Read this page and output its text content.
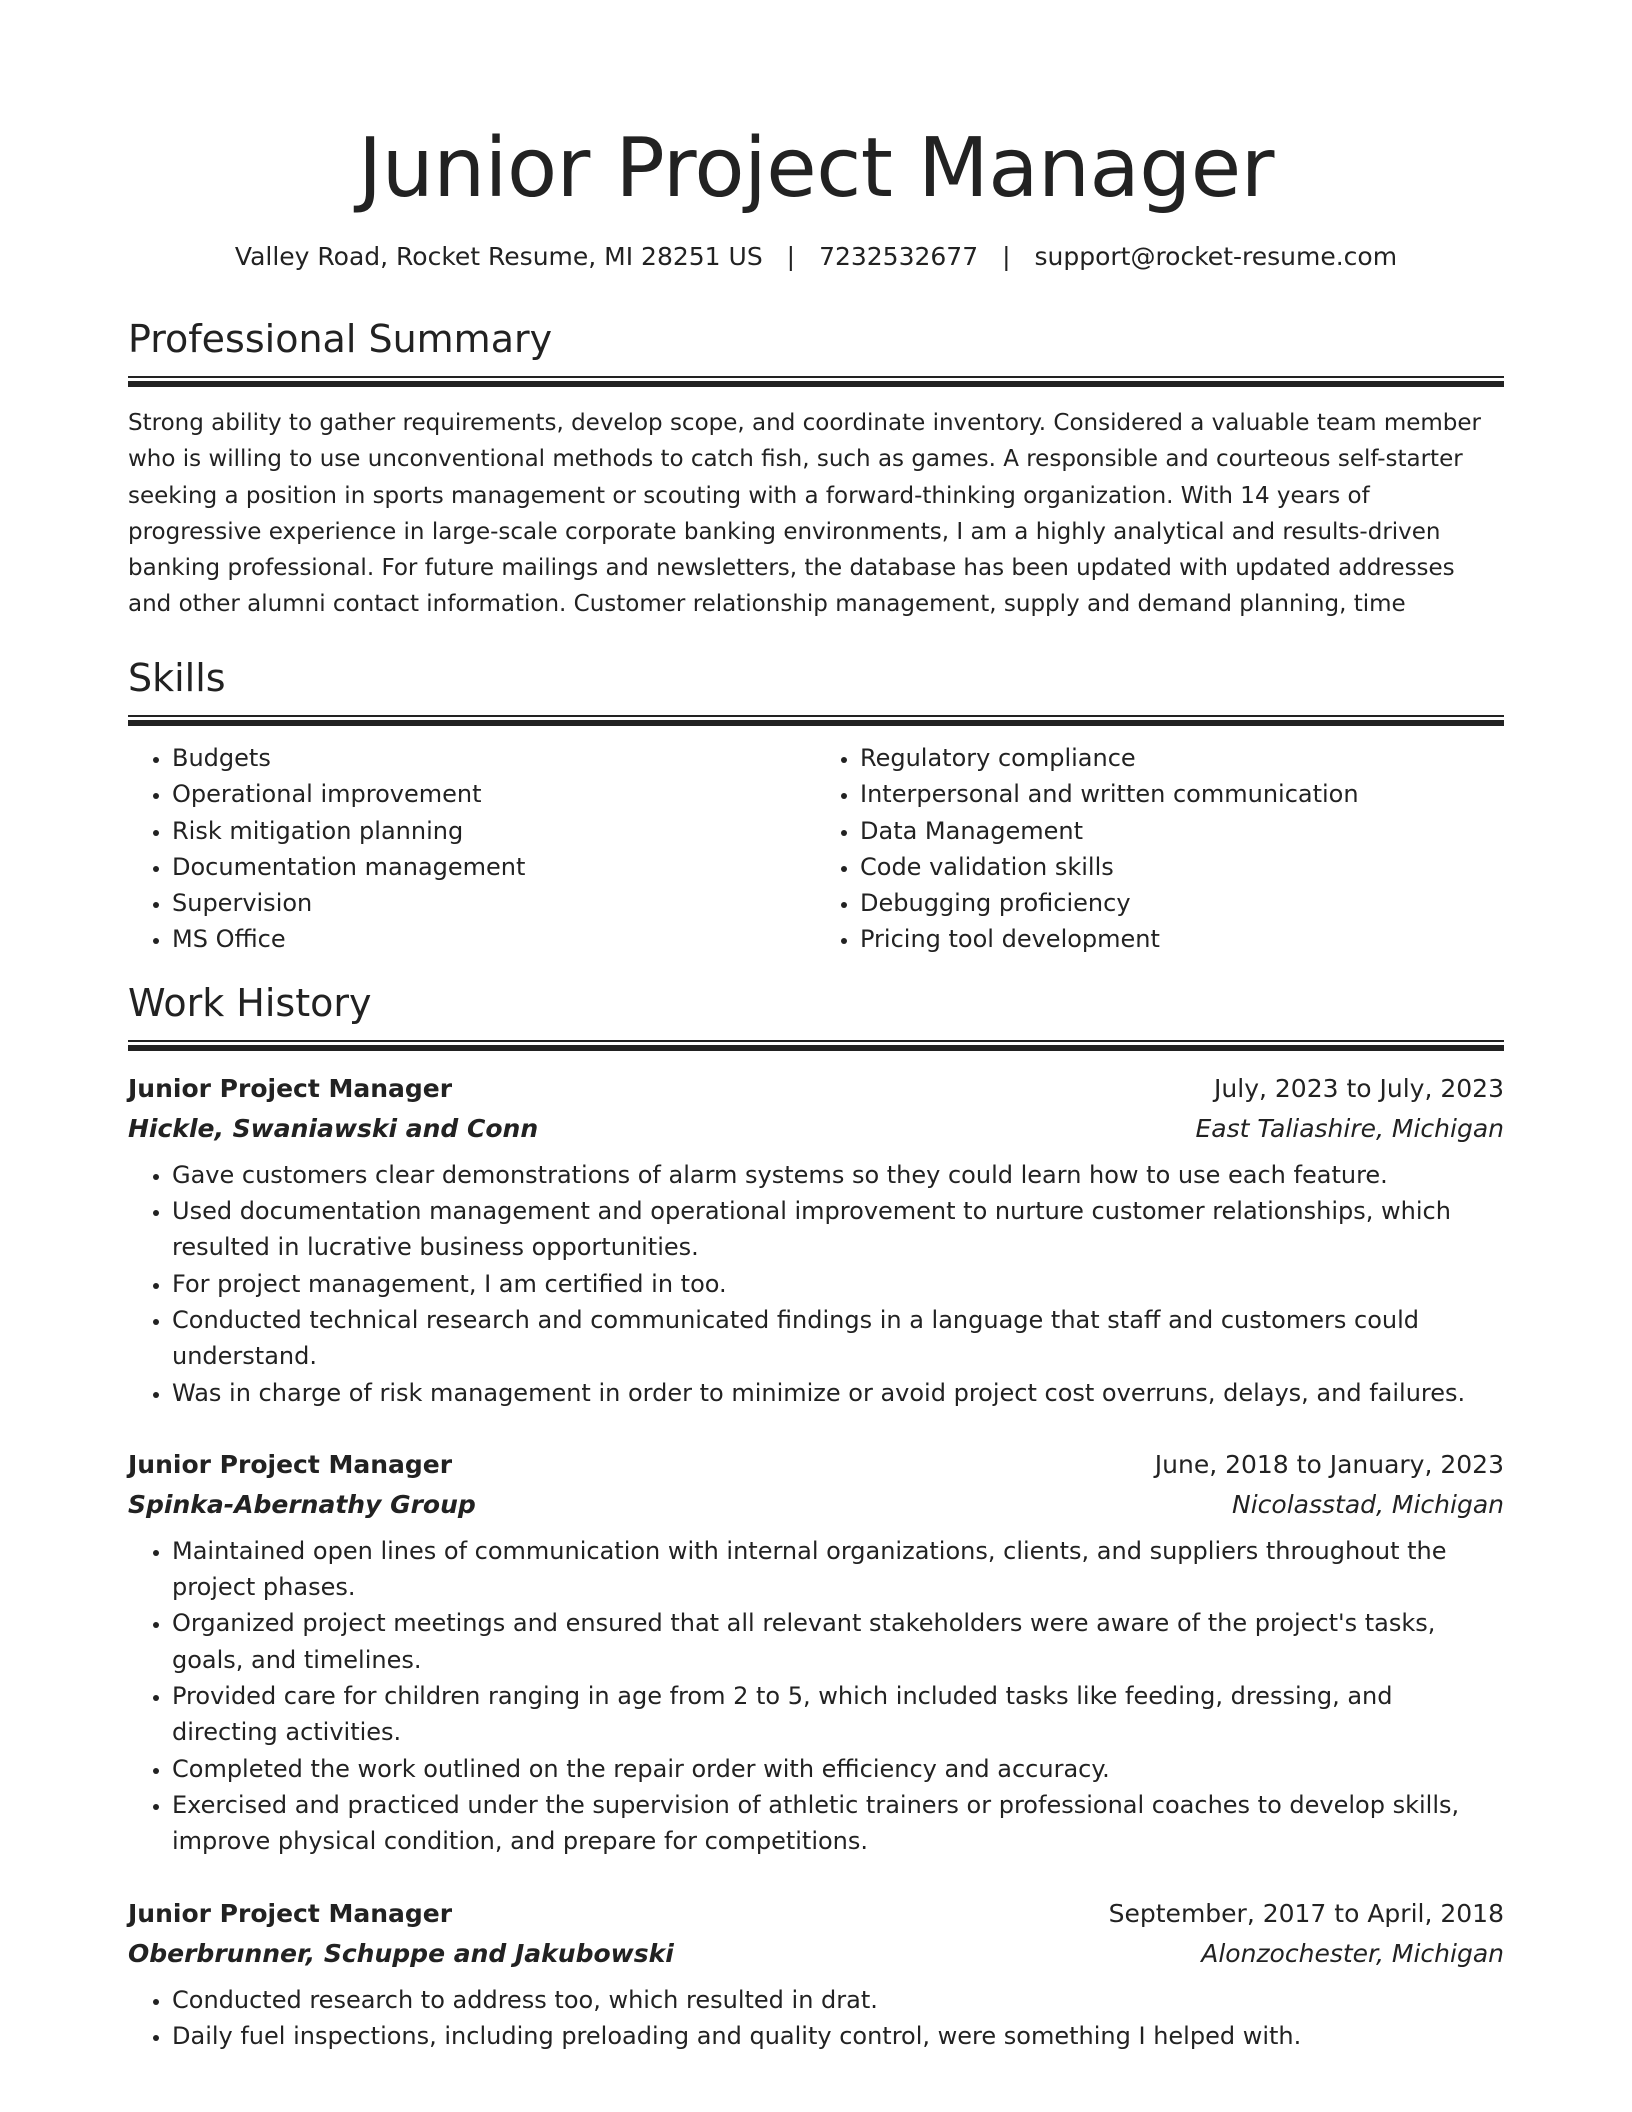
Junior Project Manager
Valley Road, Rocket Resume, MI 28251 US | 7232532677 | support@rocket-resume.com
Professional Summary

Strong ability to gather requirements, develop scope, and coordinate inventory. Considered a valuable team member who is willing to use unconventional methods to catch fish, such as games. A responsible and courteous self-starter seeking a position in sports management or scouting with a forward-thinking organization. With 14 years of progressive experience in large-scale corporate banking environments, I am a highly analytical and results-driven banking professional. For future mailings and newsletters, the database has been updated with updated addresses and other alumni contact information. Customer relationship management, supply and demand planning, time

Skills
• Budgets
• Operational improvement
• Risk mitigation planning
• Documentation management
• Supervision
• MS Office
• Regulatory compliance
• Interpersonal and written communication
• Data Management
• Code validation skills
• Debugging proficiency
• Pricing tool development
Work History
Junior Project Manager	July, 2023 to July, 2023
Hickle, Swaniawski and Conn	East Taliashire, Michigan
• Gave customers clear demonstrations of alarm systems so they could learn how to use each feature.
• Used documentation management and operational improvement to nurture customer relationships, which resulted in lucrative business opportunities.
• For project management, I am certified in too.
• Conducted technical research and communicated findings in a language that staff and customers could understand.
• Was in charge of risk management in order to minimize or avoid project cost overruns, delays, and failures.
Junior Project Manager	June, 2018 to January, 2023
Spinka-Abernathy Group	Nicolasstad, Michigan
• Maintained open lines of communication with internal organizations, clients, and suppliers throughout the project phases.
• Organized project meetings and ensured that all relevant stakeholders were aware of the project's tasks, goals, and timelines.
• Provided care for children ranging in age from 2 to 5, which included tasks like feeding, dressing, and directing activities.
• Completed the work outlined on the repair order with efficiency and accuracy.
• Exercised and practiced under the supervision of athletic trainers or professional coaches to develop skills, improve physical condition, and prepare for competitions.
Junior Project Manager	September, 2017 to April, 2018
Oberbrunner, Schuppe and Jakubowski	Alonzochester, Michigan
• Conducted research to address too, which resulted in drat.
• Daily fuel inspections, including preloading and quality control, were something I helped with.
